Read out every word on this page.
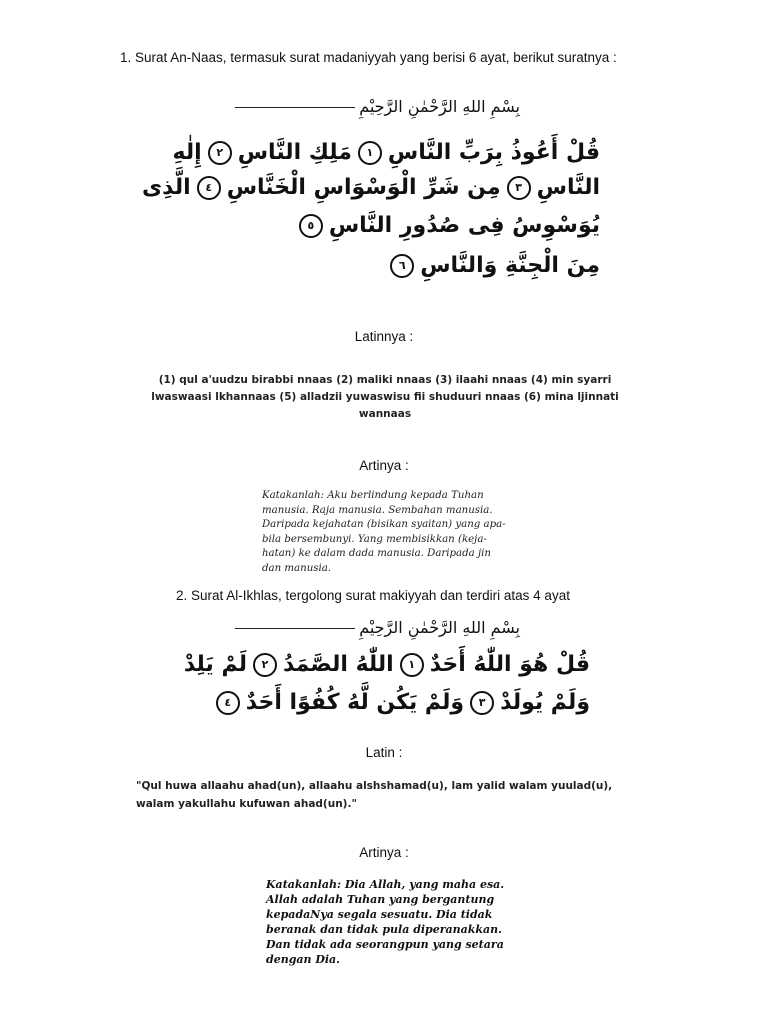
1. Surat An-Naas, termasuk surat madaniyyah yang berisi 6 ayat, berikut suratnya :
بِسْمِ اللهِ الرَّحْمٰنِ الرَّحِيْمِ
قُلْ أَعُوذُ بِرَبِّ النَّاسِ١مَلِكِ النَّاسِ٢إِلٰهِ
النَّاسِ٣مِن شَرِّ الْوَسْوَاسِ الْخَنَّاسِ٤الَّذِى
يُوَسْوِسُ فِى صُدُورِ النَّاسِ٥
مِنَ الْجِنَّةِ وَالنَّاسِ٦
Latinnya :
(1) qul a'uudzu birabbi nnaas (2) maliki nnaas (3) ilaahi nnaas (4) min syarri
lwaswaasi lkhannaas (5) alladzii yuwaswisu fii shuduuri nnaas (6) mina ljinnati
wannaas
Artinya :
Katakanlah: Aku berlindung kepada Tuhan
manusia. Raja manusia. Sembahan manusia.
Daripada kejahatan (bisikan syaitan) yang apa-
bila bersembunyi. Yang membisikkan (keja-
hatan) ke dalam dada manusia. Daripada jin
dan manusia.
2. Surat Al-Ikhlas, tergolong surat makiyyah dan terdiri atas 4 ayat
بِسْمِ اللهِ الرَّحْمٰنِ الرَّحِيْمِ
قُلْ هُوَ اللّٰهُ أَحَدٌ١اللّٰهُ الصَّمَدُ٢لَمْ يَلِدْ
وَلَمْ يُولَدْ٣وَلَمْ يَكُن لَّهُ كُفُوًا أَحَدٌ٤
Latin :
"Qul huwa allaahu ahad(un), allaahu alshshamad(u), lam yalid walam yuulad(u),
walam yakullahu kufuwan ahad(un)."
Artinya :
Katakanlah: Dia Allah, yang maha esa.
Allah adalah Tuhan yang bergantung
kepadaNya segala sesuatu. Dia tidak
beranak dan tidak pula diperanakkan.
Dan tidak ada seorangpun yang setara
dengan Dia.
